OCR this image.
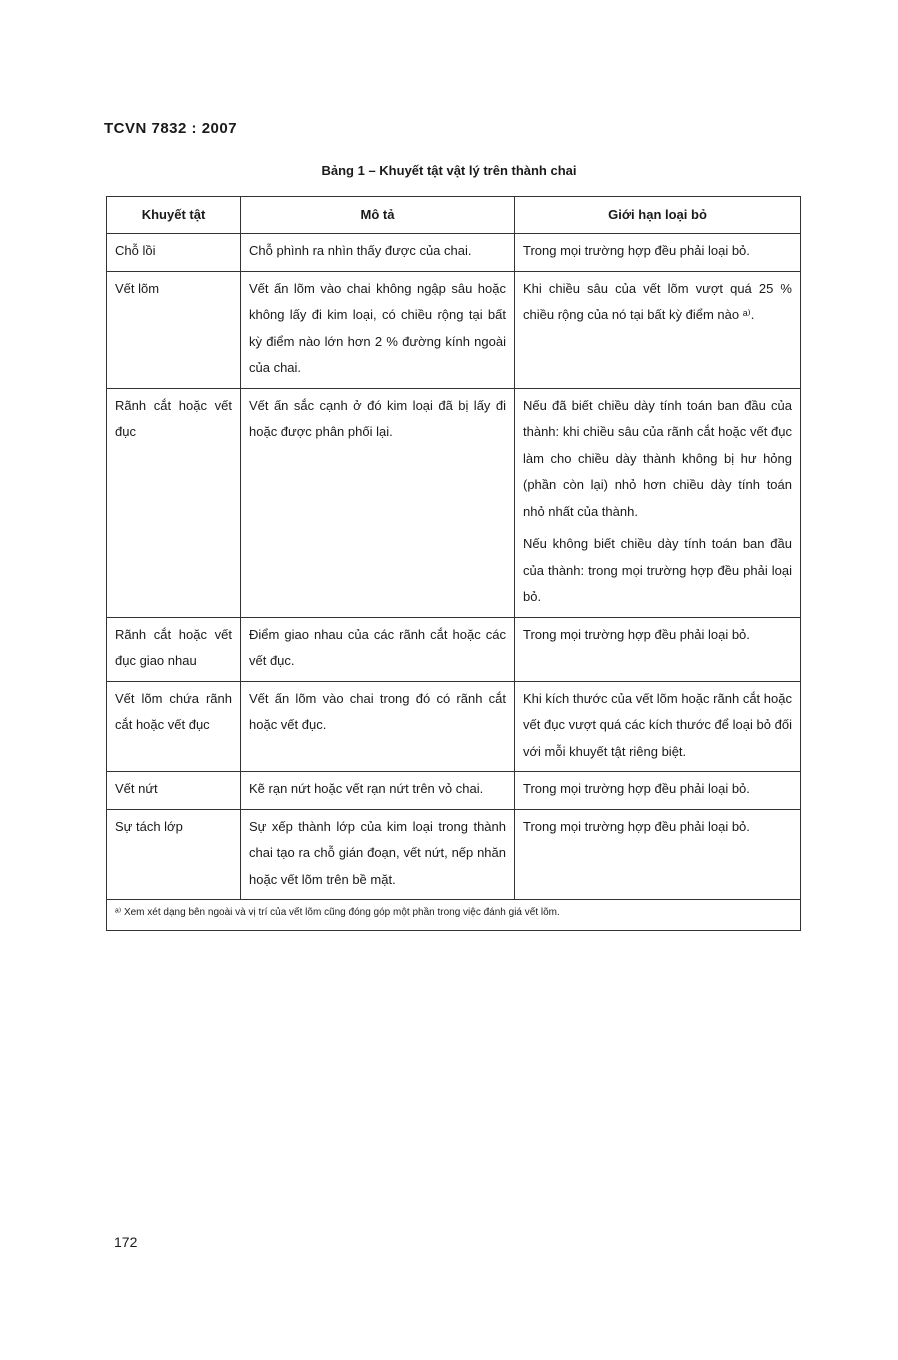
TCVN 7832 : 2007
Bảng 1 – Khuyết tật vật lý trên thành chai
Khuyết tật	Mô tả	Giới hạn loại bỏ
Chỗ lồi	Chỗ phình ra nhìn thấy được của chai.	Trong mọi trường hợp đều phải loại bỏ.

Vết lõm	Vết ấn lõm vào chai không ngập sâu hoặc không lấy đi kim loại, có chiều rộng tại bất kỳ điểm nào lớn hơn 2 % đường kính ngoài của chai.	Khi chiều sâu của vết lõm vượt quá 25 % chiều rộng của nó tại bất kỳ điểm nào ᵃ⁾.

Rãnh cắt hoặc vết đục	Vết ấn sắc cạnh ở đó kim loại đã bị lấy đi hoặc được phân phối lại.	Nếu đã biết chiều dày tính toán ban đầu của thành: khi chiều sâu của rãnh cắt hoặc vết đục làm cho chiều dày thành không bị hư hỏng (phần còn lại) nhỏ hơn chiều dày tính toán nhỏ nhất của thành.

Nếu không biết chiều dày tính toán ban đầu của thành: trong mọi trường hợp đều phải loại bỏ.

Rãnh cắt hoặc vết đục giao nhau	Điểm giao nhau của các rãnh cắt hoặc các vết đục.	Trong mọi trường hợp đều phải loại bỏ.

Vết lõm chứa rãnh cắt hoặc vết đục	Vết ấn lõm vào chai trong đó có rãnh cắt hoặc vết đục.	Khi kích thước của vết lõm hoặc rãnh cắt hoặc vết đục vượt quá các kích thước để loại bỏ đối với mỗi khuyết tật riêng biệt.

Vết nứt	Kẽ rạn nứt hoặc vết rạn nứt trên vỏ chai.	Trong mọi trường hợp đều phải loại bỏ.

Sự tách lớp	Sự xếp thành lớp của kim loại trong thành chai tạo ra chỗ gián đoạn, vết nứt, nếp nhăn hoặc vết lõm trên bề mặt.	Trong mọi trường hợp đều phải loại bỏ.

ᵃ⁾ Xem xét dạng bên ngoài và vị trí của vết lõm cũng đóng góp một phần trong việc đánh giá vết lõm.		
172
